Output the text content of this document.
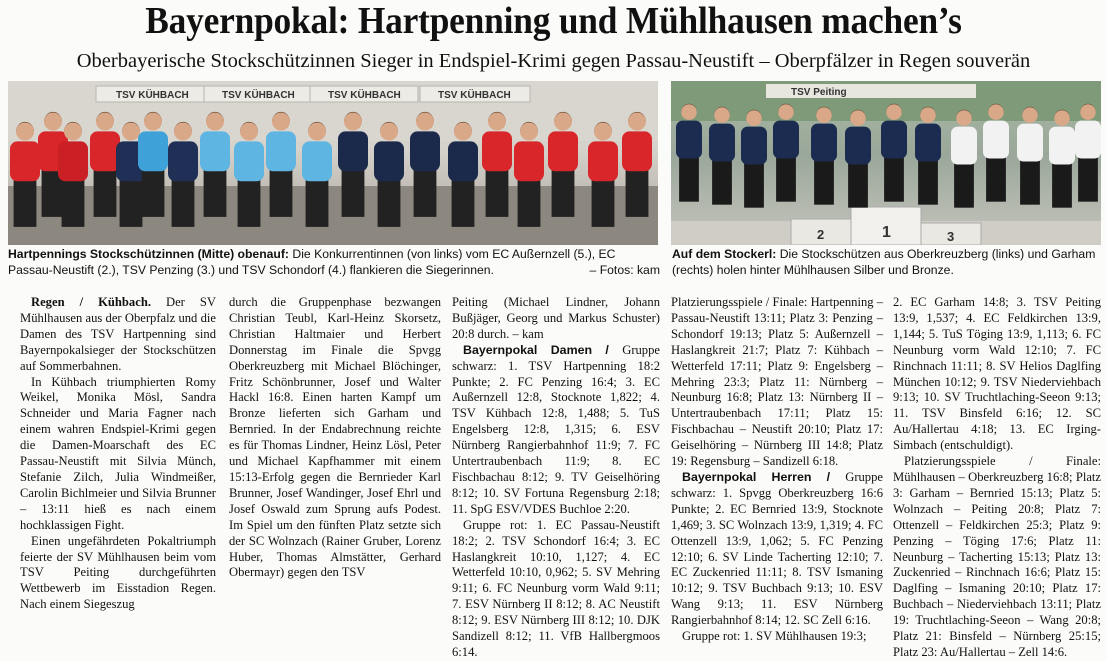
Bayernpokal: Hartpenning und Mühlhausen machen’s
Oberbayerische Stockschützinnen Sieger in Endspiel-Krimi gegen Passau-Neustift – Oberpfälzer in Regen souverän
TSV KÜHBACH	TSV KÜHBACH	TSV KÜHBACH	TSV KÜHBACH	TSV Peiting
1
2	3
Hartpennings Stockschützinnen (Mitte) obenauf: Die Konkurrentinnen (von links) vom EC Außernzell (5.), EC Passau-Neustift (2.), TSV Penzing (3.) und TSV Schondorf (4.) flankieren die Siegerinnen.	– Fotos: kam
Auf dem Stockerl: Die Stockschützen aus Oberkreuzberg (links) und Garham (rechts) holen hinter Mühlhausen Silber und Bronze.

Regen / Kühbach. Der SV Mühlhausen aus der Oberpfalz und die Damen des TSV Hartpenning sind Bayernpokalsieger der Stockschützen auf Sommerbahnen.

In Kühbach triumphierten Romy Weikel, Monika Mösl, Sandra Schneider und Maria Fagner nach einem wahren Endspiel-Krimi gegen die Damen-Moarschaft des EC Passau-Neustift mit Silvia Münch, Stefanie Zilch, Julia Windmeißer, Carolin Bichlmeier und Silvia Brunner – 13:11 hieß es nach einem hochklassigen Fight.

Einen ungefährdeten Pokaltriumph feierte der SV Mühlhausen beim vom TSV Peiting durchgeführten Wettbewerb im Eisstadion Regen. Nach einem Siegeszug

durch die Gruppenphase bezwangen Christian Teubl, Karl-Heinz Skorsetz, Christian Haltmaier und Herbert Donnerstag im Finale die Spvgg Oberkreuzberg mit Michael Blöchinger, Fritz Schönbrunner, Josef und Walter Hackl 16:8. Einen harten Kampf um Bronze lieferten sich Garham und Bernried. In der Endabrechnung reichte es für Thomas Lindner, Heinz Lösl, Peter und Michael Kapfhammer mit einem 15:13-Erfolg gegen die Bernrieder Karl Brunner, Josef Wandinger, Josef Ehrl und Josef Oswald zum Sprung aufs Podest. Im Spiel um den fünften Platz setzte sich der SC Wolnzach (Rainer Gruber, Lorenz Huber, Thomas Almstätter, Gerhard Obermayr) gegen den TSV

Peiting (Michael Lindner, Johann Bußjäger, Georg und Markus Schuster) 20:8 durch. – kam

Bayernpokal Damen / Gruppe schwarz: 1. TSV Hartpenning 18:2 Punkte; 2. FC Penzing 16:4; 3. EC Außernzell 12:8, Stocknote 1,822; 4. TSV Kühbach 12:8, 1,488; 5. TuS Engelsberg 12:8, 1,315; 6. ESV Nürnberg Rangierbahnhof 11:9; 7. FC Untertraubenbach 11:9; 8. EC Fischbachau 8:12; 9. TV Geiselhöring 8:12; 10. SV Fortuna Regensburg 2:18; 11. SpG ESV/VDES Buchloe 2:20.

Gruppe rot: 1. EC Passau-Neustift 18:2; 2. TSV Schondorf 16:4; 3. EC Haslangkreit 10:10, 1,127; 4. EC Wetterfeld 10:10, 0,962; 5. SV Mehring 9:11; 6. FC Neunburg vorm Wald 9:11; 7. ESV Nürnberg II 8:12; 8. AC Neustift 8:12; 9. ESV Nürnberg III 8:12; 10. DJK Sandizell 8:12; 11. VfB Hallbergmoos 6:14.

Platzierungsspiele / Finale: Hartpenning – Passau-Neustift 13:11; Platz 3: Penzing – Schondorf 19:13; Platz 5: Außernzell – Haslangkreit 21:7; Platz 7: Kühbach – Wetterfeld 17:11; Platz 9: Engelsberg – Mehring 23:3; Platz 11: Nürnberg – Neunburg 16:8; Platz 13: Nürnberg II – Untertraubenbach 17:11; Platz 15: Fischbachau – Neustift 20:10; Platz 17: Geiselhöring – Nürnberg III 14:8; Platz 19: Regensburg – Sandizell 6:18.

Bayernpokal Herren / Gruppe schwarz: 1. Spvgg Oberkreuzberg 16:6 Punkte; 2. EC Bernried 13:9, Stocknote 1,469; 3. SC Wolnzach 13:9, 1,319; 4. FC Ottenzell 13:9, 1,062; 5. FC Penzing 12:10; 6. SV Linde Tacherting 12:10; 7. EC Zuckenried 11:11; 8. TSV Ismaning 10:12; 9. TSV Buchbach 9:13; 10. ESV Wang 9:13; 11. ESV Nürnberg Rangierbahnhof 8:14; 12. SC Zell 6:16.

Gruppe rot: 1. SV Mühlhausen 19:3;

2. EC Garham 14:8; 3. TSV Peiting 13:9, 1,537; 4. EC Feldkirchen 13:9, 1,144; 5. TuS Töging 13:9, 1,113; 6. FC Neunburg vorm Wald 12:10; 7. FC Rinchnach 11:11; 8. SV Helios Daglfing München 10:12; 9. TSV Niederviehbach 9:13; 10. SV Truchtlaching-Seeon 9:13; 11. TSV Binsfeld 6:16; 12. SC Au/Hallertau 4:18; 13. EC Irging-Simbach (entschuldigt).

Platzierungsspiele / Finale: Mühlhausen – Oberkreuzberg 16:8; Platz 3: Garham – Bernried 15:13; Platz 5: Wolnzach – Peiting 20:8; Platz 7: Ottenzell – Feldkirchen 25:3; Platz 9: Penzing – Töging 17:6; Platz 11: Neunburg – Tacherting 15:13; Platz 13: Zuckenried – Rinchnach 16:6; Platz 15: Daglfing – Ismaning 20:10; Platz 17: Buchbach – Niederviehbach 13:11; Platz 19: Truchtlaching-Seeon – Wang 20:8; Platz 21: Binsfeld – Nürnberg 25:15; Platz 23: Au/Hallertau – Zell 14:6.
